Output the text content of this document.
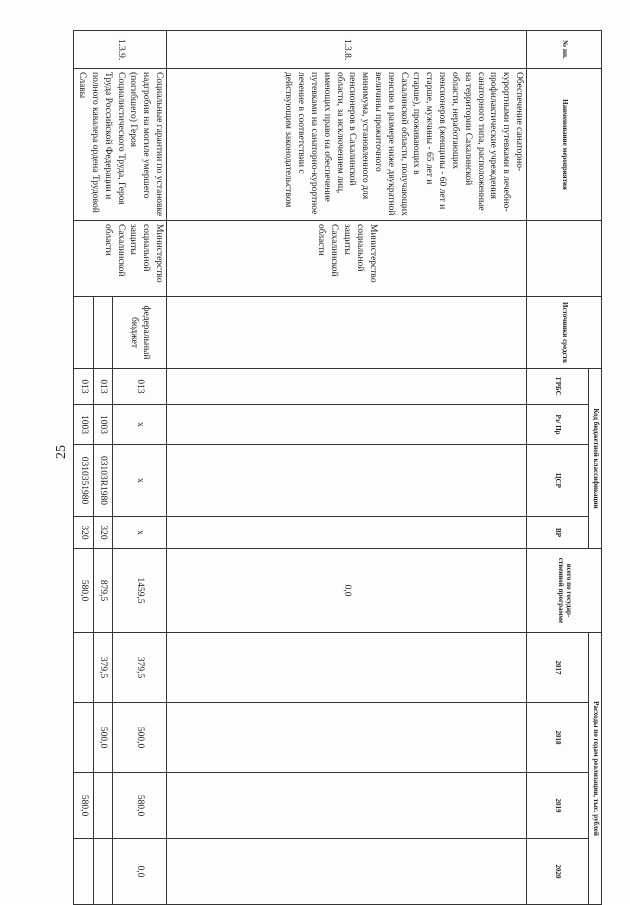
25
№ пп.	Наименование мероприятия		Источники средств	Код бюджетной классификации				всего по государ-ственной программе	Расходы по годам реализации, тыс. рублей			
				ГРБС	Рз/ Пр	ЦСР	ВР		2017	2018	2019	2020
1.3.8.	Обеспечение санаторно-курортными путевками в лечебно-профилактические учреждения санаторного типа, расположенные на территории Сахалинской области, неработающих пенсионеров (женщины - 60 лет и старше, мужчины - 65 лет и старше), проживающих в Сахалинской области, получающих пенсию в размере ниже двукратной величины прожиточного минимума, установленного для пенсионеров в Сахалинской области, за исключением лиц, имеющих право на обеспечение путевками на санаторно-курортное лечение в соответствии с действующим законодательством	Министерство социальной защиты Сахалинской области						0,0				
1.3.9.	Социальные гарантии по установке надгробия на могиле умершего (погибшего) Героя Социалистического Труда, Героя Труда Российской Федерации и полного кавалера ордена Трудовой Славы	Министерство социальной защиты Сахалинской области	федеральный бюджет	013	х	х	х	1459,5	379,5	500,0	580,0	0,0
				013	1003	03103R1980	320	879,5	379,5	500,0		
				013	1003	0310351980	320	580,0			580,0	
